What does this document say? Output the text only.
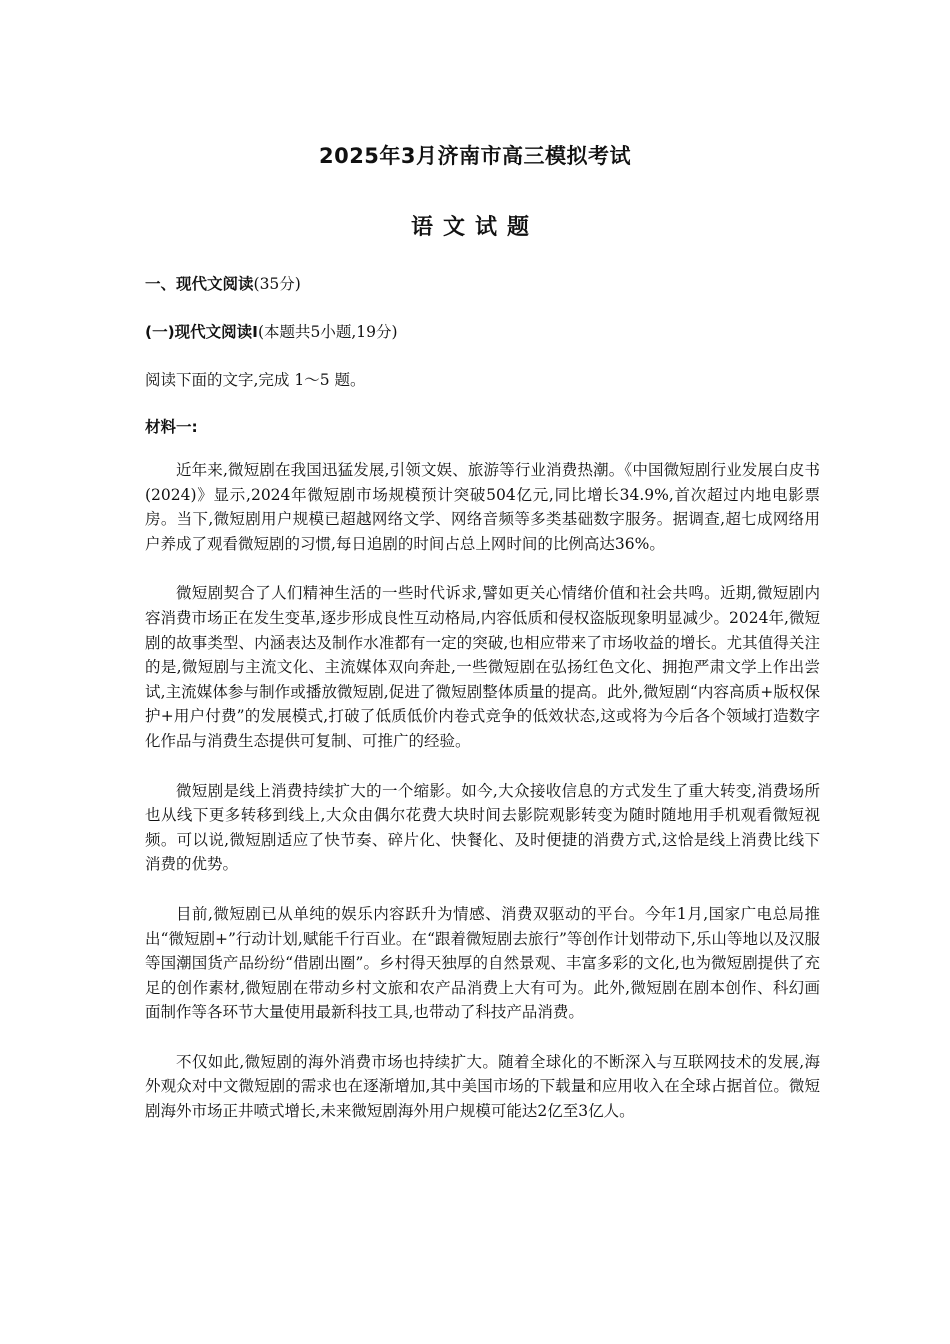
2025年3月济南市高三模拟考试
语文试题

一、现代文阅读(35分)

(一)现代文阅读Ⅰ(本题共5小题,19分)

阅读下面的文字,完成 1～5 题。

材料一:

近年来,微短剧在我国迅猛发展,引领文娱、旅游等行业消费热潮。《中国微短剧行业发展白皮书(2024)》显示,2024年微短剧市场规模预计突破504亿元,同比增长34.9%,首次超过内地电影票房。当下,微短剧用户规模已超越网络文学、网络音频等多类基础数字服务。据调查,超七成网络用户养成了观看微短剧的习惯,每日追剧的时间占总上网时间的比例高达36%。

微短剧契合了人们精神生活的一些时代诉求,譬如更关心情绪价值和社会共鸣。近期,微短剧内容消费市场正在发生变革,逐步形成良性互动格局,内容低质和侵权盗版现象明显减少。2024年,微短剧的故事类型、内涵表达及制作水准都有一定的突破,也相应带来了市场收益的增长。尤其值得关注的是,微短剧与主流文化、主流媒体双向奔赴,一些微短剧在弘扬红色文化、拥抱严肃文学上作出尝试,主流媒体参与制作或播放微短剧,促进了微短剧整体质量的提高。此外,微短剧“内容高质+版权保护+用户付费”的发展模式,打破了低质低价内卷式竞争的低效状态,这或将为今后各个领域打造数字化作品与消费生态提供可复制、可推广的经验。

微短剧是线上消费持续扩大的一个缩影。如今,大众接收信息的方式发生了重大转变,消费场所也从线下更多转移到线上,大众由偶尔花费大块时间去影院观影转变为随时随地用手机观看微短视频。可以说,微短剧适应了快节奏、碎片化、快餐化、及时便捷的消费方式,这恰是线上消费比线下消费的优势。

目前,微短剧已从单纯的娱乐内容跃升为情感、消费双驱动的平台。今年1月,国家广电总局推出“微短剧+”行动计划,赋能千行百业。在“跟着微短剧去旅行”等创作计划带动下,乐山等地以及汉服等国潮国货产品纷纷“借剧出圈”。乡村得天独厚的自然景观、丰富多彩的文化,也为微短剧提供了充足的创作素材,微短剧在带动乡村文旅和农产品消费上大有可为。此外,微短剧在剧本创作、科幻画面制作等各环节大量使用最新科技工具,也带动了科技产品消费。

不仅如此,微短剧的海外消费市场也持续扩大。随着全球化的不断深入与互联网技术的发展,海外观众对中文微短剧的需求也在逐渐增加,其中美国市场的下载量和应用收入在全球占据首位。微短剧海外市场正井喷式增长,未来微短剧海外用户规模可能达2亿至3亿人。
